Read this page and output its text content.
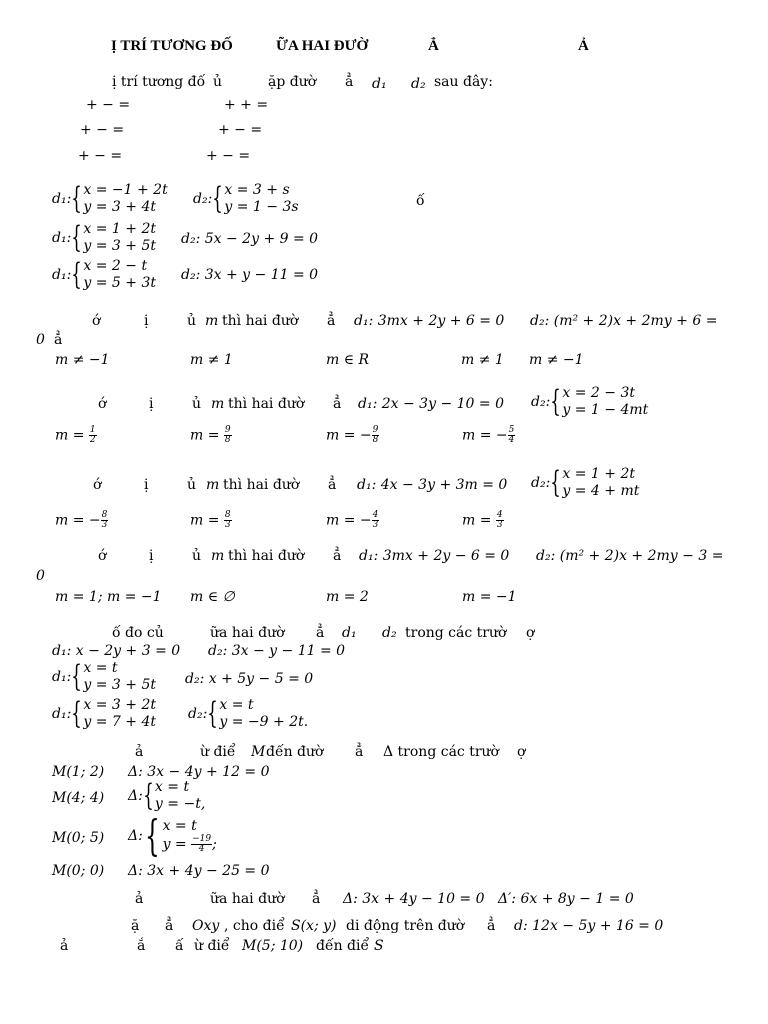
Ị TRÍ TƯƠNG ĐỐ	ỮA HAI ĐƯỜ	Ẳ	Ả
ị trí tương đố ủ	ặp đườ ẳ d₁ d₂ sau đây:
+ − =	+ + =
+ − =	+ − =
+ − =	+ − =
d₁: { x = −1 + 2t
y = 3 + 4t	d₂: { x = 3 + s
y = 1 − 3s	ố
d₁: { x = 1 + 2t
y = 3 + 5t d₂: 5x − 2y + 9 = 0
d₁: { x = 2 − t
y = 5 + 3t d₂: 3x + y − 11 = 0
ớ	ị	ủ m thì hai đườ ẳ d₁: 3mx + 2y + 6 = 0 d₂: (m² + 2)x + 2my + 6 =
0 ẳ
m ≠ −1	m ≠ 1	m ∈ R	m ≠ 1 m ≠ −1
ớ	ị	ủ m thì hai đườ ẳ d₁: 2x − 3y − 10 = 0 d₂: { x = 2 − 3t
y = 1 − 4mt
$m = \frac{1}{2}$	$m = \frac{9}{8}$	m = − $\frac{9}{8}$	m = − $\frac{5}{4}$
ớ	ị	ủ m thì hai đườ ẳ d₁: 4x − 3y + 3m = 0 d₂: { x = 1 + 2t
y = 4 + mt
m = − $\frac{8}{3}$	$m = \frac{8}{3}$	m = − $\frac{4}{3}$	$m = \frac{4}{3}$
ớ	ị	ủ m thì hai đườ ẳ d₁: 3mx + 2y − 6 = 0 d₂: (m² + 2)x + 2my − 3 =
0
m = 1; m = −1 m ∈ ∅	m = 2	m = −1
ố đo củ	ữa hai đườ ẳ d₁ d₂ trong các trườ ợ
d₁: x − 2y + 3 = 0 d₂: 3x − y − 11 = 0
d₁: { x = t
y = 3 + 5t d₂: x + 5y − 5 = 0
d₁: { x = 3 + 2t
y = 7 + 4t d₂: { x = t
y = −9 + 2t.
ả	ừ điể M đến đườ ẳ Δ trong các trườ ợ
M(1; 2) Δ: 3x − 4y + 12 = 0
M(4; 4) Δ: { x = t
y = −t,
M(0; 5) Δ: { x = t
$y = \frac{-19}{4}$ ;
M(0; 0) Δ: 3x + 4y − 25 = 0
ả	ữa hai đườ ẳ Δ: 3x + 4y − 10 = 0 Δ′: 6x + 8y − 1 = 0
ặ ẳ Oxy , cho điể S(x; y) di động trên đườ ẳ d: 12x − 5y + 16 = 0
ả	ắ ấ ừ điể M(5; 10) đến điể S
